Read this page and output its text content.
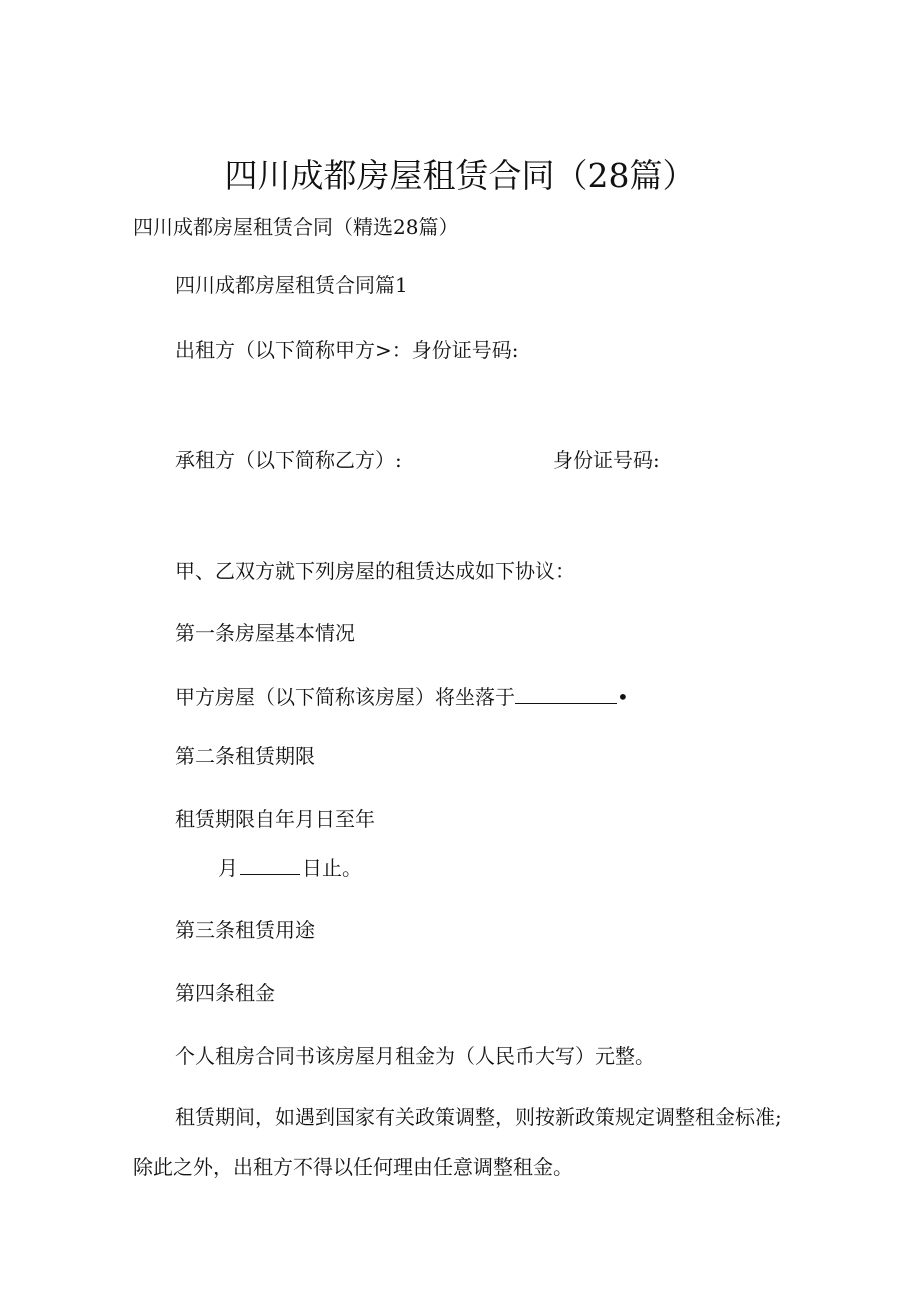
四川成都房屋租赁合同（28篇）
四川成都房屋租赁合同（精选28篇）
四川成都房屋租赁合同篇1
出租方（以下简称甲方>：身份证号码:
承租方（以下简称乙方）:	身份证号码:
甲、乙双方就下列房屋的租赁达成如下协议：
第一条房屋基本情况
甲方房屋（以下简称该房屋）将坐落于	•
第二条租赁期限
租赁期限自年月日至年
月	日止。
第三条租赁用途
第四条租金
个人租房合同书该房屋月租金为（人民币大写）元整。
租赁期间，如遇到国家有关政策调整，则按新政策规定调整租金标准;
除此之外，出租方不得以任何理由任意调整租金。
